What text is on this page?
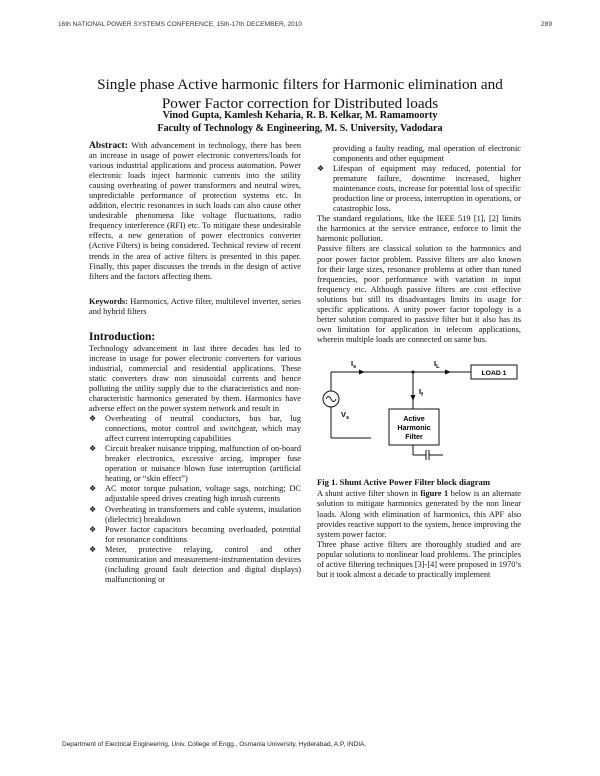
16th NATIONAL POWER SYSTEMS CONFERENCE, 15th-17th DECEMBER, 2010	289
Single phase Active harmonic filters for Harmonic elimination and
Power Factor correction for Distributed loads
Vinod Gupta, Kamlesh Keharia, R. B. Kelkar, M. Ramamoorty
Faculty of Technology & Engineering, M. S. University, Vadodara

Abstract: With advancement in technology, there has been an increase in usage of power electronic converters/loads for various industrial applications and process automation. Power electronic loads inject harmonic currents into the utility causing overheating of power transformers and neutral wires, unpredictable performance of protection systems etc. In addition, electric resonances in such loads can also cause other undesirable phenomena like voltage fluctuations, radio frequency interference (RFI) etc. To mitigate these undesirable effects, a new generation of power electronics converter (Active Filters) is being considered. Technical review of recent trends in the area of active filters is presented in this paper. Finally, this paper discusses the trends in the design of active filters and the factors affecting them.

Keywords: Harmonics, Active filter, multilevel inverter, series and hybrid filters

Introduction:

Technology advancement in last three decades has led to increase in usage for power electronic converters for various industrial, commercial and residential applications. These static converters draw non sinusoidal currents and hence polluting the utility supply due to the characteristics and non-characteristic harmonics generated by them. Harmonics have adverse effect on the power system network and result in

❖ Overheating of neutral conductors, bus bar, lug connections, motor control and switchgear, which may affect current interrupting capabilities
❖ Circuit breaker nuisance tripping, malfunction of on-board breaker electronics, excessive arcing, improper fuse operation or nuisance blown fuse interruption (artificial heating, or “skin effect”)
❖ AC motor torque pulsation, voltage sags, notching; DC adjustable speed drives creating high inrush currents
❖ Overheating in transformers and cable systems, insulation (dielectric) breakdown
❖ Power factor capacitors becoming overloaded, potential for resonance conditions
❖ Meter, protective relaying, control and other communication and measurement-instrumentation devices (including ground fault detection and digital displays) malfunctioning or
providing a faulty reading, mal operation of electronic components and other equipment
❖ Lifespan of equipment may reduced, potential for premature failure, downtime increased, higher maintenance costs, increase for potential loss of specific production line or process, interruption in operations, or catastrophic loss.

The standard regulations, like the IEEE 519 [1], [2] limits the harmonics at the service entrance, enforce to limit the harmonic pollution.

Passive filters are classical solution to the harmonics and poor power factor problem. Passive filters are also known for their large sizes, resonance problems at other than tuned frequencies, poor performance with variation in input frequency etc. Although passive filters are cost effective solutions but still its disadvantages limits its usage for specific applications. A unity power factor topology is a better solution compared to passive filter but it also has its own limitation for application in telecom applications, wherein multiple loads are connected on same bus.

$I_s$	$I_L$
$I_f$
$V_s$
LOAD 1
Active
Harmonic
Filter
Fig 1. Shunt Active Power Filter block diagram

A shunt active filter shown in figure 1 below is an alternate solution to mitigate harmonics generated by the non linear loads. Along with elimination of harmonics, this APF also provides reactive support to the system, hence improving the system power factor.

Three phase active filters are thoroughly studied and are popular solutions to nonlinear load problems. The principles of active filtering techniques [3]-[4] were proposed in 1970’s but it took almost a decade to practically implement

Department of Electrical Engineering, Univ. College of Engg., Osmania University, Hyderabad, A.P, INDIA.
